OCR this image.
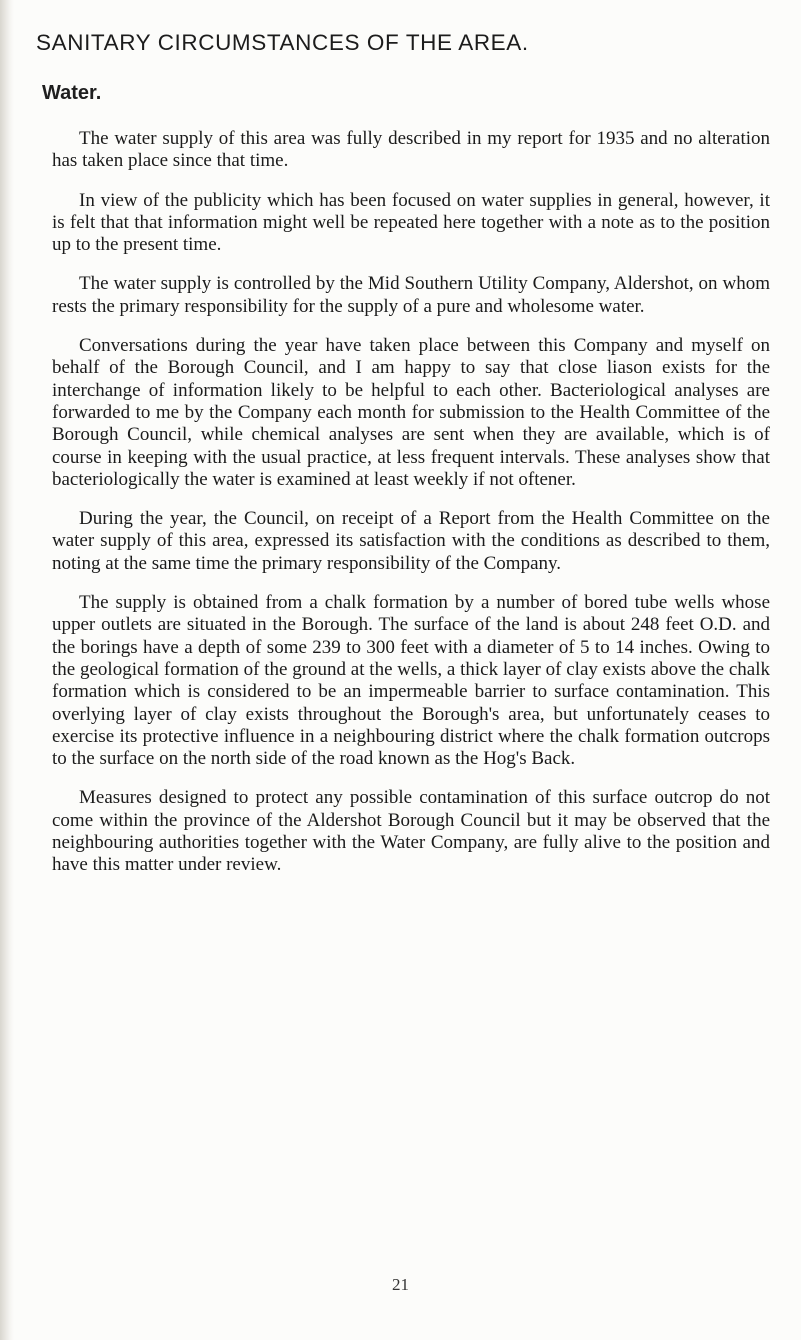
SANITARY CIRCUMSTANCES OF THE AREA.
Water.

The water supply of this area was fully described in my report for 1935 and no alteration has taken place since that time.

In view of the publicity which has been focused on water supplies in general, however, it is felt that that information might well be repeated here together with a note as to the position up to the present time.

The water supply is controlled by the Mid Southern Utility Company, Aldershot, on whom rests the primary responsibility for the supply of a pure and wholesome water.

Conversations during the year have taken place between this Company and myself on behalf of the Borough Council, and I am happy to say that close liason exists for the interchange of information likely to be helpful to each other. Bacteriological analyses are forwarded to me by the Company each month for submission to the Health Committee of the Borough Council, while chemical analyses are sent when they are available, which is of course in keeping with the usual practice, at less frequent intervals. These analyses show that bacteriologically the water is examined at least weekly if not oftener.

During the year, the Council, on receipt of a Report from the Health Committee on the water supply of this area, expressed its satisfaction with the conditions as described to them, noting at the same time the primary responsibility of the Company.

The supply is obtained from a chalk formation by a number of bored tube wells whose upper outlets are situated in the Borough. The surface of the land is about 248 feet O.D. and the borings have a depth of some 239 to 300 feet with a diameter of 5 to 14 inches. Owing to the geological formation of the ground at the wells, a thick layer of clay exists above the chalk formation which is considered to be an impermeable barrier to surface contamination. This overlying layer of clay exists throughout the Borough's area, but unfortunately ceases to exercise its protective influence in a neighbouring district where the chalk formation outcrops to the surface on the north side of the road known as the Hog's Back.

Measures designed to protect any possible contamination of this surface outcrop do not come within the province of the Aldershot Borough Council but it may be observed that the neighbouring authorities together with the Water Company, are fully alive to the position and have this matter under review.

21
